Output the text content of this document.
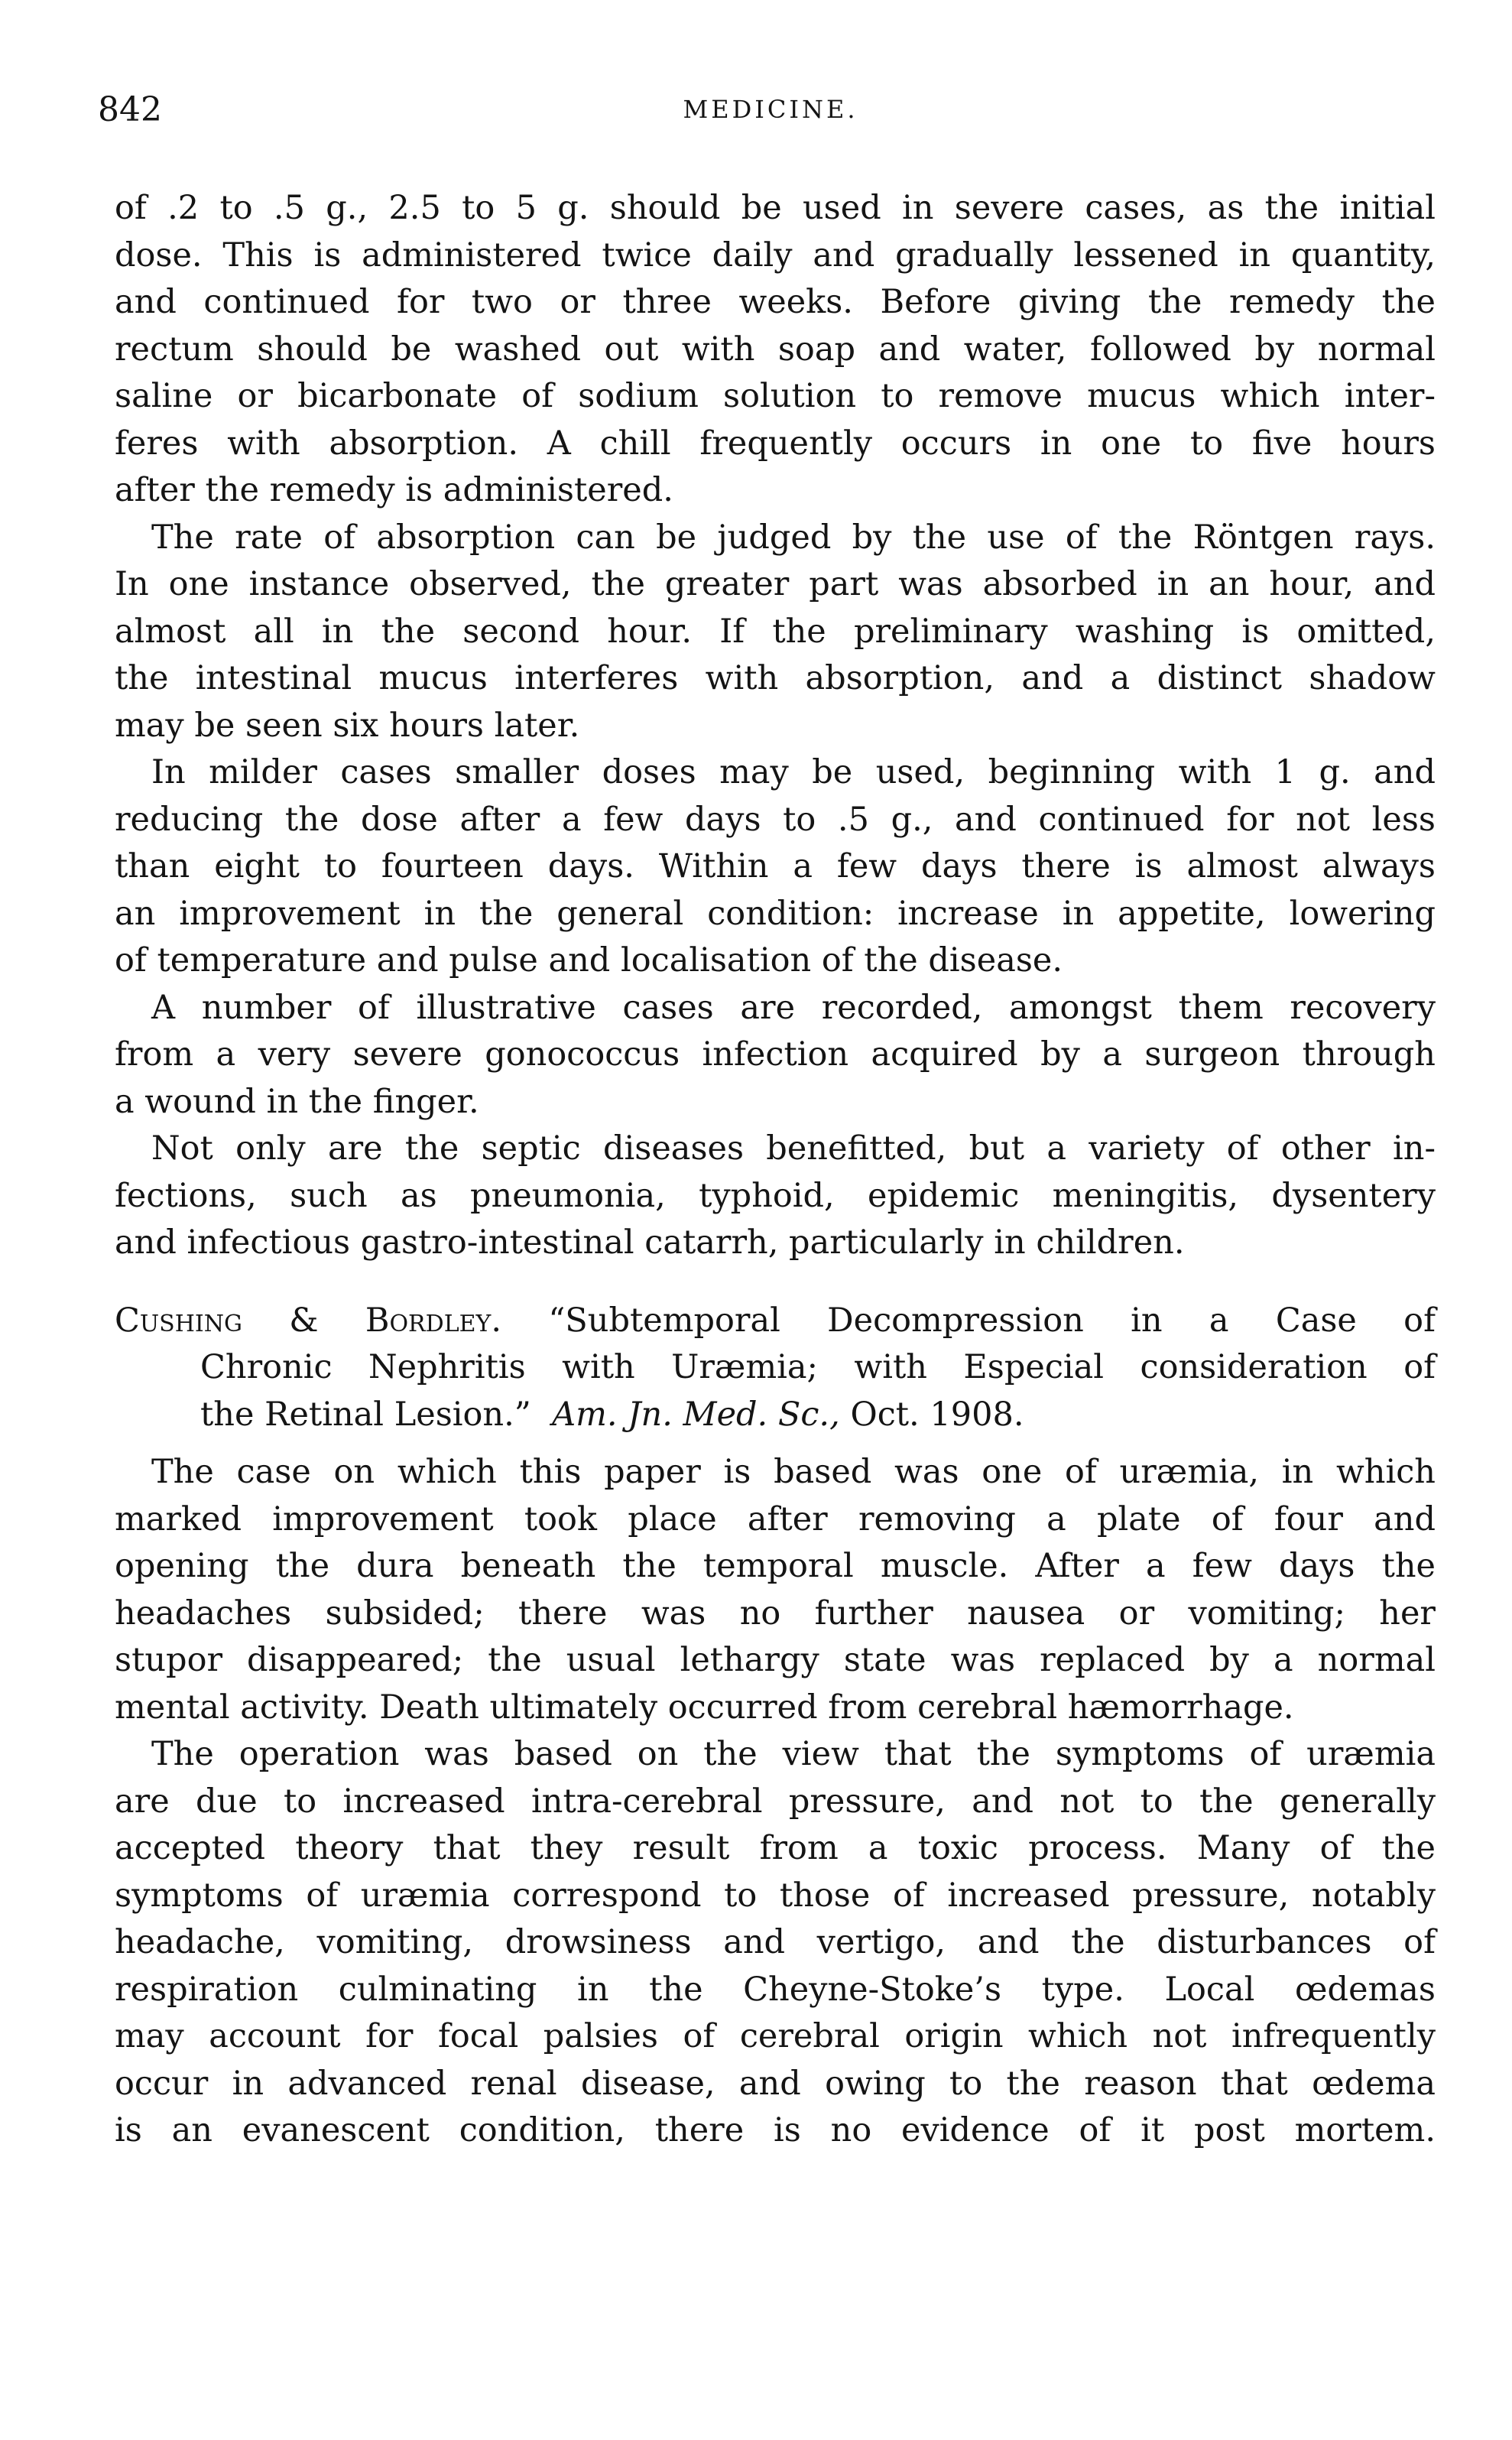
842	MEDICINE.
of .2 to .5 g., 2.5 to 5 g. should be used in severe cases, as the initial
dose. This is administered twice daily and gradually lessened in quantity,
and continued for two or three weeks. Before giving the remedy the
rectum should be washed out with soap and water, followed by normal
saline or bicarbonate of sodium solution to remove mucus which inter-
feres with absorption. A chill frequently occurs in one to five hours
after the remedy is administered.
The rate of absorption can be judged by the use of the Röntgen rays.
In one instance observed, the greater part was absorbed in an hour, and
almost all in the second hour. If the preliminary washing is omitted,
the intestinal mucus interferes with absorption, and a distinct shadow
may be seen six hours later.
In milder cases smaller doses may be used, beginning with 1 g. and
reducing the dose after a few days to .5 g., and continued for not less
than eight to fourteen days. Within a few days there is almost always
an improvement in the general condition: increase in appetite, lowering
of temperature and pulse and localisation of the disease.
A number of illustrative cases are recorded, amongst them recovery
from a very severe gonococcus infection acquired by a surgeon through
a wound in the finger.
Not only are the septic diseases benefitted, but a variety of other in-
fections, such as pneumonia, typhoid, epidemic meningitis, dysentery
and infectious gastro-intestinal catarrh, particularly in children.
Cushing & Bordley. “Subtemporal Decompression in a Case of
Chronic Nephritis with Uræmia; with Especial consideration of
the Retinal Lesion.” Am. Jn. Med. Sc., Oct. 1908.
The case on which this paper is based was one of uræmia, in which
marked improvement took place after removing a plate of four and
opening the dura beneath the temporal muscle. After a few days the
headaches subsided; there was no further nausea or vomiting; her
stupor disappeared; the usual lethargy state was replaced by a normal
mental activity. Death ultimately occurred from cerebral hæmorrhage.
The operation was based on the view that the symptoms of uræmia
are due to increased intra-cerebral pressure, and not to the generally
accepted theory that they result from a toxic process. Many of the
symptoms of uræmia correspond to those of increased pressure, notably
headache, vomiting, drowsiness and vertigo, and the disturbances of
respiration culminating in the Cheyne-Stoke’s type. Local œdemas
may account for focal palsies of cerebral origin which not infrequently
occur in advanced renal disease, and owing to the reason that œdema
is an evanescent condition, there is no evidence of it post mortem.
